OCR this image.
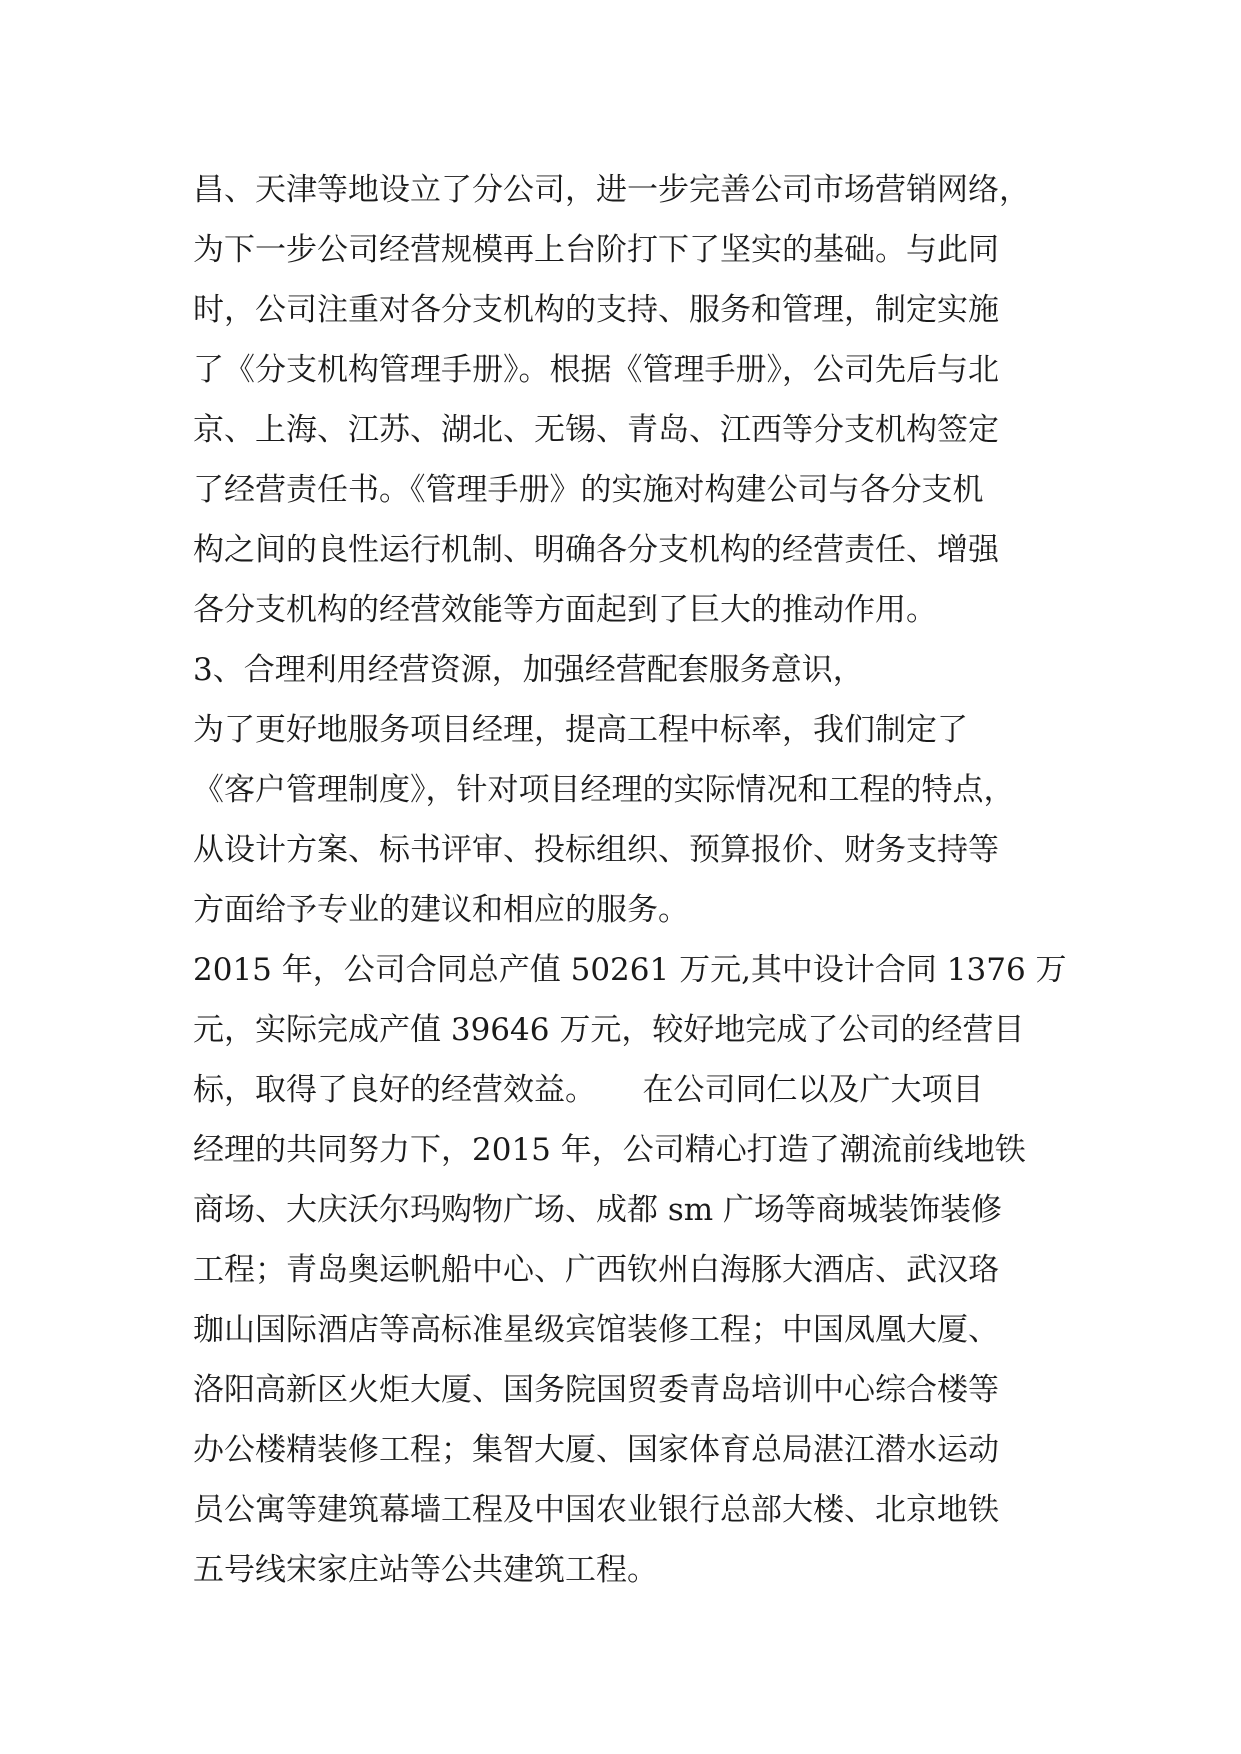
昌、天津等地设立了分公司，进一步完善公司市场营销网络，
为下一步公司经营规模再上台阶打下了坚实的基础。与此同
时，公司注重对各分支机构的支持、服务和管理，制定实施
了《分支机构管理手册》。根据《管理手册》，公司先后与北
京、上海、江苏、湖北、无锡、青岛、江西等分支机构签定
了经营责任书。《管理手册》的实施对构建公司与各分支机
构之间的良性运行机制、明确各分支机构的经营责任、增强
各分支机构的经营效能等方面起到了巨大的推动作用。
3、合理利用经营资源，加强经营配套服务意识，
为了更好地服务项目经理，提高工程中标率，我们制定了
《客户管理制度》，针对项目经理的实际情况和工程的特点，
从设计方案、标书评审、投标组织、预算报价、财务支持等
方面给予专业的建议和相应的服务。
2015 年，公司合同总产值 50261 万元,其中设计合同 1376 万
元，实际完成产值 39646 万元，较好地完成了公司的经营目
标，取得了良好的经营效益。　　在公司同仁以及广大项目
经理的共同努力下，2015 年，公司精心打造了潮流前线地铁
商场、大庆沃尔玛购物广场、成都 sm 广场等商城装饰装修
工程；青岛奥运帆船中心、广西钦州白海豚大酒店、武汉珞
珈山国际酒店等高标准星级宾馆装修工程；中国凤凰大厦、
洛阳高新区火炬大厦、国务院国贸委青岛培训中心综合楼等
办公楼精装修工程；集智大厦、国家体育总局湛江潜水运动
员公寓等建筑幕墙工程及中国农业银行总部大楼、北京地铁
五号线宋家庄站等公共建筑工程。
